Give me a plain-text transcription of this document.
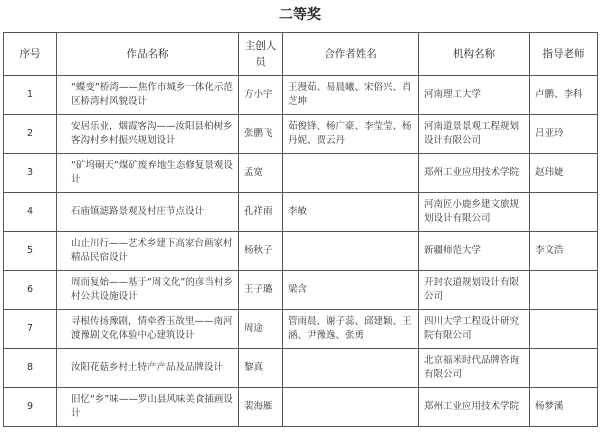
二等奖
序号	作品名称	主创人员	合作者姓名	机构名称	指导老师
1	“蝶变”桥湾——焦作市城乡一体化示范区桥湾村风貌设计	方小宇	王漫茹、易晨曦、宋俗兴、肖芝坤	河南理工大学	卢鹏、李科
2	安居乐业，烟霞客沟——汝阳县柏树乡客沟村乡村振兴规划设计	张鹏飞	茹俊锋、杨广豪、李莹莹、杨丹妮、贾云丹	河南道景景观工程规划设计有限公司	吕亚玲
3	“矿坞硐天”煤矿废弃地生态修复景观设计	孟宽		郑州工业应用技术学院	赵玮婕
4	石庙镇滤路景观及村庄节点设计	孔祥雨	李敏	河南匠小鹿乡建文旅规划设计有限公司	
5	山止川行——艺术乡建下高家台画家村精品民宿设计	杨秋子		新疆师范大学	李文浩
6	周而复始——基于“周文化”的彦当村乡村公共设施设计	王子璐	梁含	开封农道规划设计有限公司	
7	寻根传扬豫剧，情牵香玉故里——南河渡豫剧文化体验中心建筑设计	周途	管雨晨、谢子蕊、邱建颖、王涵、尹豫逸、张勇	四川大学工程设计研究院有限公司	
8	汝阳花菇乡村土特产产品及品牌设计	黎真		北京福米时代品牌咨询有限公司	
9	旧忆“乡”味——罗山县风味美食插画设计	裴海雁		郑州工业应用技术学院	杨梦溪
